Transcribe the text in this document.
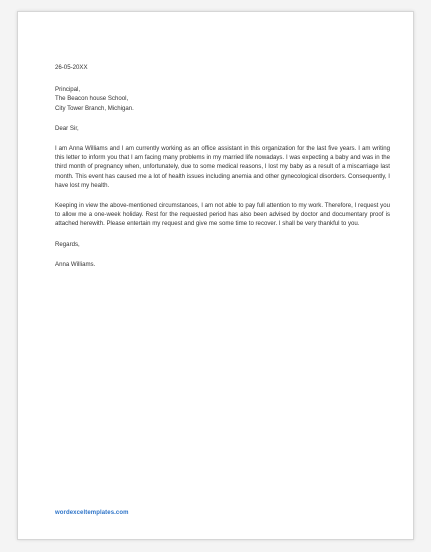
26-05-20XX

Principal,
The Beacon house School,
City Tower Branch, Michigan.

Dear Sir,

I am Anna Williams and I am currently working as an office assistant in this organization for the last five years. I am writing this letter to inform you that I am facing many problems in my married life nowadays. I was expecting a baby and was in the third month of pregnancy when, unfortunately, due to some medical reasons, I lost my baby as a result of a miscarriage last month. This event has caused me a lot of health issues including anemia and other gynecological disorders. Consequently, I have lost my health.

Keeping in view the above-mentioned circumstances, I am not able to pay full attention to my work. Therefore, I request you to allow me a one-week holiday. Rest for the requested period has also been advised by doctor and documentary proof is attached herewith. Please entertain my request and give me some time to recover. I shall be very thankful to you.

Regards,

Anna Williams.

wordexceltemplates.com
